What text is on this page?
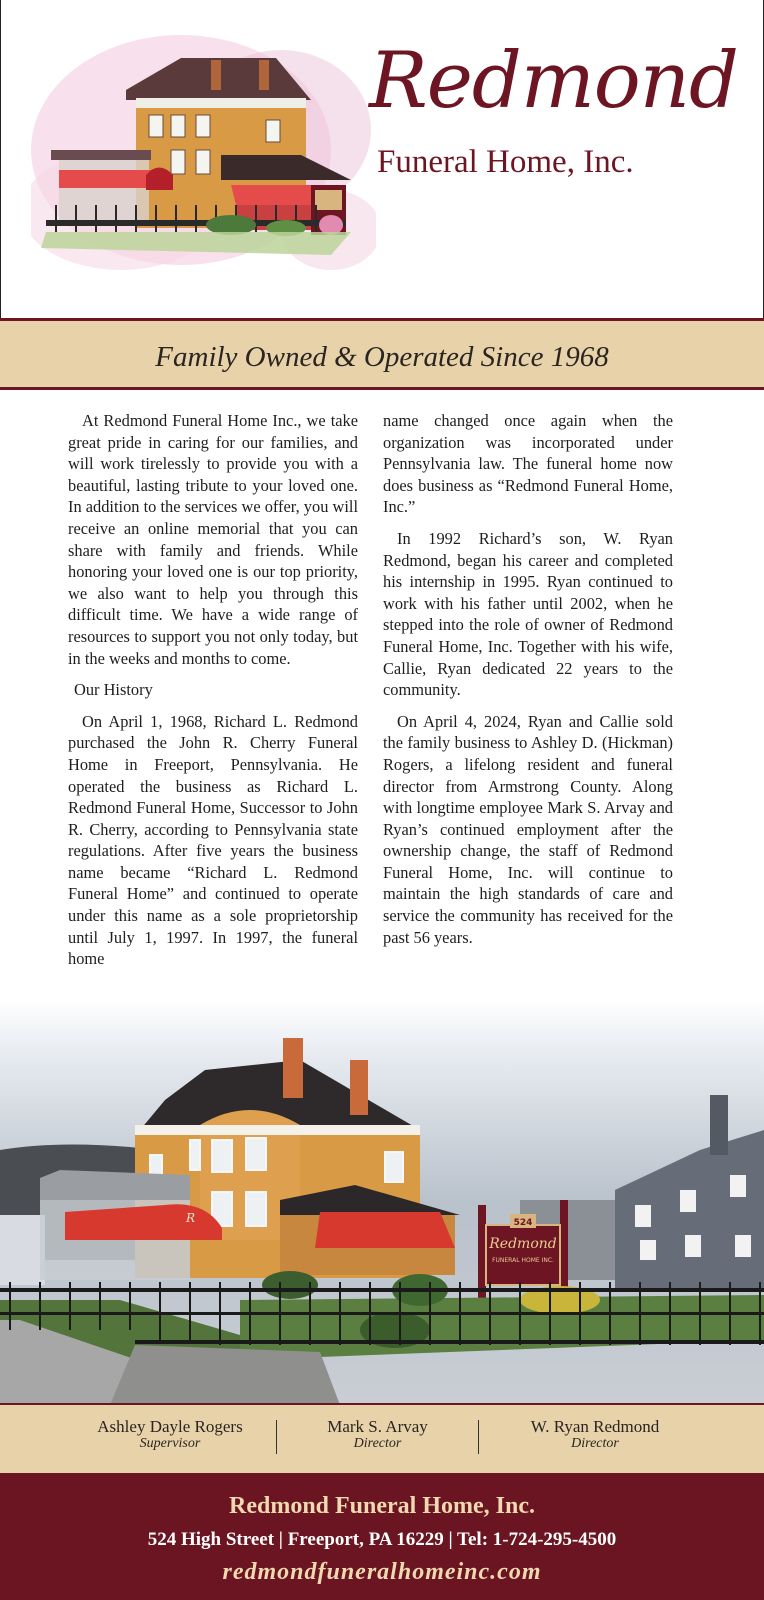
Redmond
Funeral Home, Inc.
Family Owned & Operated Since 1968

At Redmond Funeral Home Inc., we take great pride in caring for our families, and will work tirelessly to provide you with a beautiful, lasting tribute to your loved one. In addition to the services we offer, you will receive an online memorial that you can share with family and friends. While honoring your loved one is our top priority, we also want to help you through this difficult time. We have a wide range of resources to support you not only today, but in the weeks and months to come.

Our History

On April 1, 1968, Richard L. Redmond purchased the John R. Cherry Funeral Home in Freeport, Pennsylvania. He operated the business as Richard L. Redmond Funeral Home, Successor to John R. Cherry, according to Pennsylvania state regulations. After five years the business name became “Richard L. Redmond Funeral Home” and continued to operate under this name as a sole proprietorship until July 1, 1997. In 1997, the funeral home

name changed once again when the organization was incorporated under Pennsylvania law. The funeral home now does business as “Redmond Funeral Home, Inc.”

In 1992 Richard’s son, W. Ryan Redmond, began his career and completed his internship in 1995. Ryan continued to work with his father until 2002, when he stepped into the role of owner of Redmond Funeral Home, Inc. Together with his wife, Callie, Ryan dedicated 22 years to the community.

On April 4, 2024, Ryan and Callie sold the family business to Ashley D. (Hickman) Rogers, a lifelong resident and funeral director from Armstrong County. Along with longtime employee Mark S. Arvay and Ryan’s continued employment after the ownership change, the staff of Redmond Funeral Home, Inc. will continue to maintain the high standards of care and service the community has received for the past 56 years.

R	524
Redmond
FUNERAL HOME INC.
Ashley Dayle Rogers
Supervisor
Mark S. Arvay
Director
W. Ryan Redmond
Director
Redmond Funeral Home, Inc.
524 High Street | Freeport, PA 16229 | Tel: 1-724-295-4500
redmondfuneralhomeinc.com
